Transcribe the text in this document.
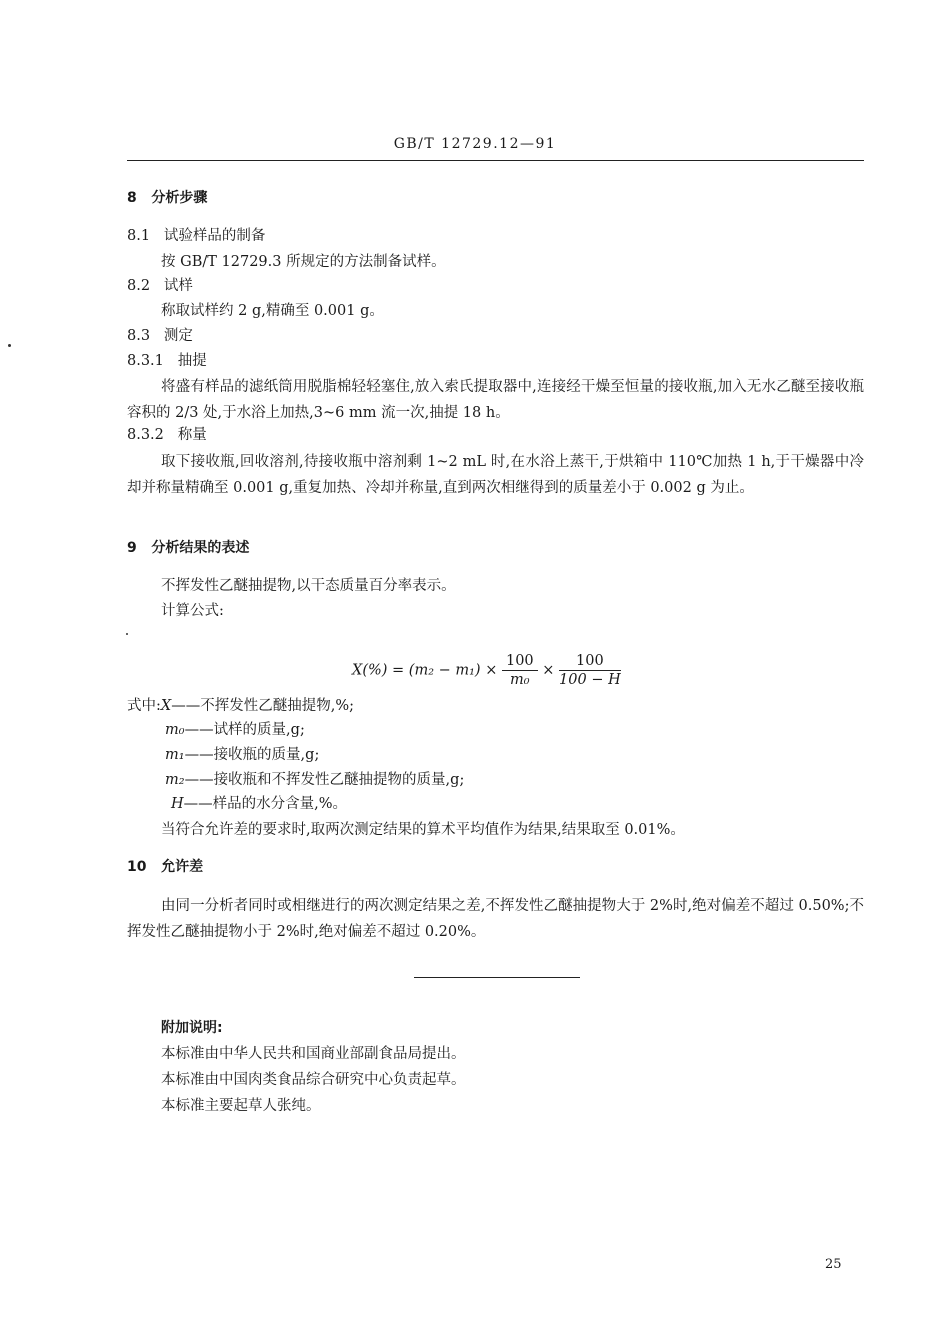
GB/T 12729.12—91
8 分析步骤
8.1 试验样品的制备
按 GB/T 12729.3 所规定的方法制备试样。
8.2 试样
称取试样约 2 g,精确至 0.001 g。
8.3 测定
8.3.1 抽提
将盛有样品的滤纸筒用脱脂棉轻轻塞住,放入索氏提取器中,连接经干燥至恒量的接收瓶,加入无水乙醚至接收瓶容积的 2/3 处,于水浴上加热,3~6 mm 流一次,抽提 18 h。
8.3.2 称量
取下接收瓶,回收溶剂,待接收瓶中溶剂剩 1~2 mL 时,在水浴上蒸干,于烘箱中 110℃加热 1 h,于干燥器中冷却并称量精确至 0.001 g,重复加热、冷却并称量,直到两次相继得到的质量差小于 0.002 g 为止。
9 分析结果的表述
不挥发性乙醚抽提物,以干态质量百分率表示。
计算公式:
$X(\%) = (m_2 - m_1) \times \frac{100}{\text{m₀}} \times \frac{100}{100 - H}$
式中:X——不挥发性乙醚抽提物,%;
m₀——试样的质量,g;
m₁——接收瓶的质量,g;
m₂——接收瓶和不挥发性乙醚抽提物的质量,g;
H——样品的水分含量,%。
当符合允许差的要求时,取两次测定结果的算术平均值作为结果,结果取至 0.01%。
10 允许差
由同一分析者同时或相继进行的两次测定结果之差,不挥发性乙醚抽提物大于 2%时,绝对偏差不超过 0.50%;不挥发性乙醚抽提物小于 2%时,绝对偏差不超过 0.20%。
附加说明:
本标准由中华人民共和国商业部副食品局提出。
本标准由中国肉类食品综合研究中心负责起草。
本标准主要起草人张纯。
25
